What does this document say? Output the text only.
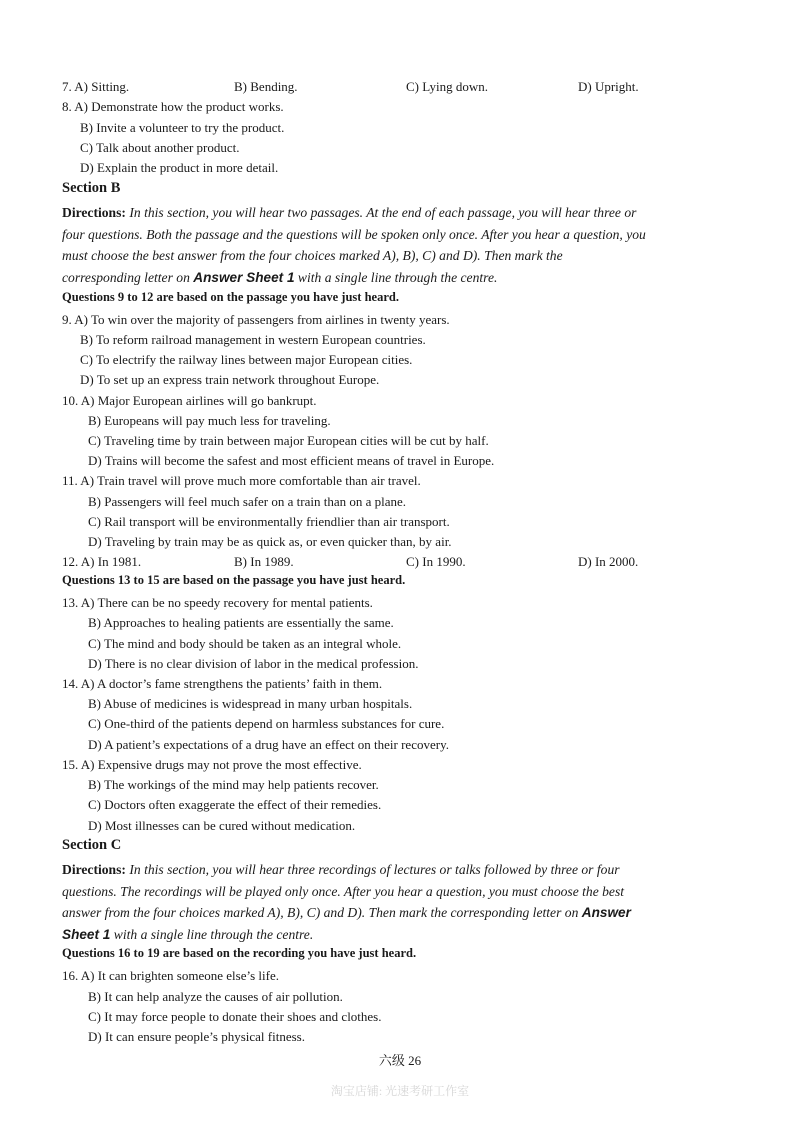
7. A) Sitting.	B) Bending.	C) Lying down.	D) Upright.
8. A) Demonstrate how the product works.
B) Invite a volunteer to try the product.
C) Talk about another product.
D) Explain the product in more detail.
Section B
Directions: In this section, you will hear two passages. At the end of each passage, you will hear three or
four questions. Both the passage and the questions will be spoken only once. After you hear a question, you
must choose the best answer from the four choices marked A), B), C) and D). Then mark the
corresponding letter on Answer Sheet 1 with a single line through the centre.
Questions 9 to 12 are based on the passage you have just heard.
9. A) To win over the majority of passengers from airlines in twenty years.
B) To reform railroad management in western European countries.
C) To electrify the railway lines between major European cities.
D) To set up an express train network throughout Europe.
10. A) Major European airlines will go bankrupt.
B) Europeans will pay much less for traveling.
C) Traveling time by train between major European cities will be cut by half.
D) Trains will become the safest and most efficient means of travel in Europe.
11. A) Train travel will prove much more comfortable than air travel.
B) Passengers will feel much safer on a train than on a plane.
C) Rail transport will be environmentally friendlier than air transport.
D) Traveling by train may be as quick as, or even quicker than, by air.
12. A) In 1981.	B) In 1989.	C) In 1990.	D) In 2000.
Questions 13 to 15 are based on the passage you have just heard.
13. A) There can be no speedy recovery for mental patients.
B) Approaches to healing patients are essentially the same.
C) The mind and body should be taken as an integral whole.
D) There is no clear division of labor in the medical profession.
14. A) A doctor’s fame strengthens the patients’ faith in them.
B) Abuse of medicines is widespread in many urban hospitals.
C) One-third of the patients depend on harmless substances for cure.
D) A patient’s expectations of a drug have an effect on their recovery.
15. A) Expensive drugs may not prove the most effective.
B) The workings of the mind may help patients recover.
C) Doctors often exaggerate the effect of their remedies.
D) Most illnesses can be cured without medication.
Section C
Directions: In this section, you will hear three recordings of lectures or talks followed by three or four
questions. The recordings will be played only once. After you hear a question, you must choose the best
answer from the four choices marked A), B), C) and D). Then mark the corresponding letter on Answer
Sheet 1 with a single line through the centre.
Questions 16 to 19 are based on the recording you have just heard.
16. A) It can brighten someone else’s life.
B) It can help analyze the causes of air pollution.
C) It may force people to donate their shoes and clothes.
D) It can ensure people’s physical fitness.
六级 26
淘宝店铺: 光速考研工作室
